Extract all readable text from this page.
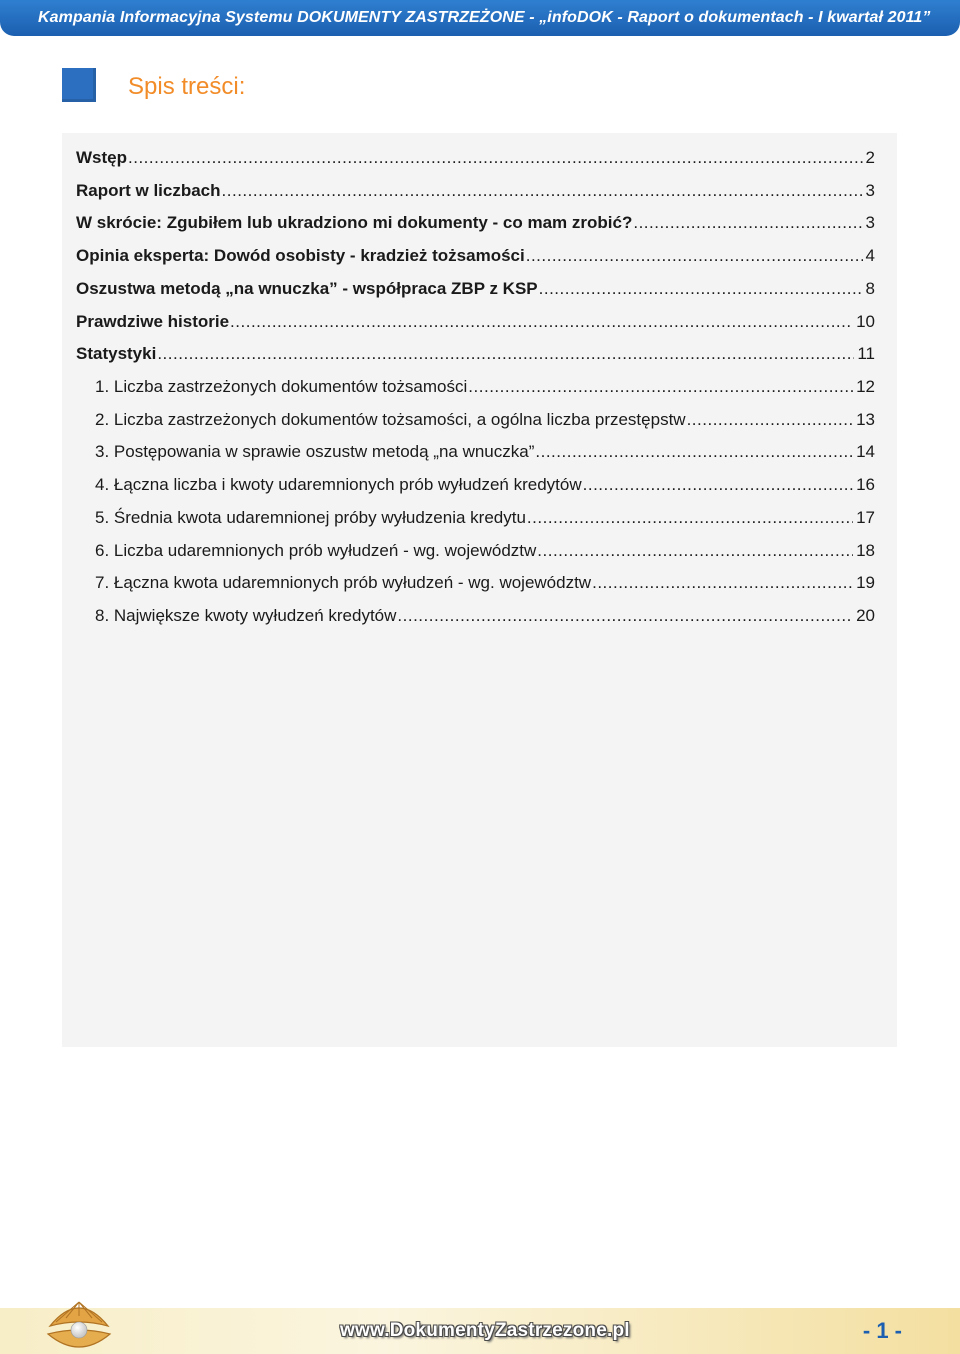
Kampania Informacyjna Systemu DOKUMENTY ZASTRZEŻONE - „infoDOK - Raport o dokumentach - I kwartał 2011”
Spis treści:
Wstęp .....	2
Raport w liczbach .....	3
W skrócie: Zgubiłem lub ukradziono mi dokumenty - co mam zrobić? .....	3
Opinia eksperta: Dowód osobisty - kradzież tożsamości .....	4
Oszustwa metodą „na wnuczka” - współpraca ZBP z KSP .....	8
Prawdziwe historie .....	10
Statystyki .....	11
1. Liczba zastrzeżonych dokumentów tożsamości .....	12
2. Liczba zastrzeżonych dokumentów tożsamości, a ogólna liczba przestępstw .....	13
3. Postępowania w sprawie oszustw metodą „na wnuczka” .....	14
4. Łączna liczba i kwoty udaremnionych prób wyłudzeń kredytów .....	16
5. Średnia kwota udaremnionej próby wyłudzenia kredytu .....	17
6. Liczba udaremnionych prób wyłudzeń - wg. województw .....	18
7. Łączna kwota udaremnionych prób wyłudzeń - wg. województw .....	19
8. Największe kwoty wyłudzeń kredytów .....	20
www.DokumentyZastrzezone.pl	- 1 -
